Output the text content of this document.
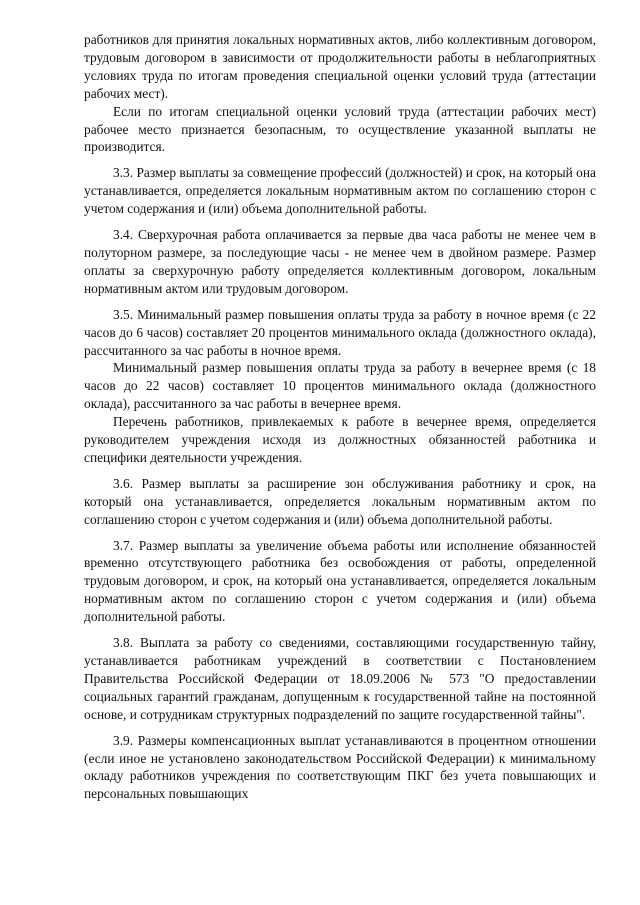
работников для принятия локальных нормативных актов, либо коллективным договором, трудовым договором в зависимости от продолжительности работы в неблагоприятных условиях труда по итогам проведения специальной оценки условий труда (аттестации рабочих мест).

Если по итогам специальной оценки условий труда (аттестации рабочих мест) рабочее место признается безопасным, то осуществление указанной выплаты не производится.

3.3. Размер выплаты за совмещение профессий (должностей) и срок, на который она устанавливается, определяется локальным нормативным актом по соглашению сторон с учетом содержания и (или) объема дополнительной работы.

3.4. Сверхурочная работа оплачивается за первые два часа работы не менее чем в полуторном размере, за последующие часы - не менее чем в двойном размере. Размер оплаты за сверхурочную работу определяется коллективным договором, локальным нормативным актом или трудовым договором.

3.5. Минимальный размер повышения оплаты труда за работу в ночное время (с 22 часов до 6 часов) составляет 20 процентов минимального оклада (должностного оклада), рассчитанного за час работы в ночное время.

Минимальный размер повышения оплаты труда за работу в вечернее время (с 18 часов до 22 часов) составляет 10 процентов минимального оклада (должностного оклада), рассчитанного за час работы в вечернее время.

Перечень работников, привлекаемых к работе в вечернее время, определяется руководителем учреждения исходя из должностных обязанностей работника и специфики деятельности учреждения.

3.6. Размер выплаты за расширение зон обслуживания работнику и срок, на который она устанавливается, определяется локальным нормативным актом по соглашению сторон с учетом содержания и (или) объема дополнительной работы.

3.7. Размер выплаты за увеличение объема работы или исполнение обязанностей временно отсутствующего работника без освобождения от работы, определенной трудовым договором, и срок, на который она устанавливается, определяется локальным нормативным актом по соглашению сторон с учетом содержания и (или) объема дополнительной работы.

3.8. Выплата за работу со сведениями, составляющими государственную тайну, устанавливается работникам учреждений в соответствии с Постановлением Правительства Российской Федерации от 18.09.2006 № 573 "О предоставлении социальных гарантий гражданам, допущенным к государственной тайне на постоянной основе, и сотрудникам структурных подразделений по защите государственной тайны".

3.9. Размеры компенсационных выплат устанавливаются в процентном отношении (если иное не установлено законодательством Российской Федерации) к минимальному окладу работников учреждения по соответствующим ПКГ без учета повышающих и персональных повышающих
